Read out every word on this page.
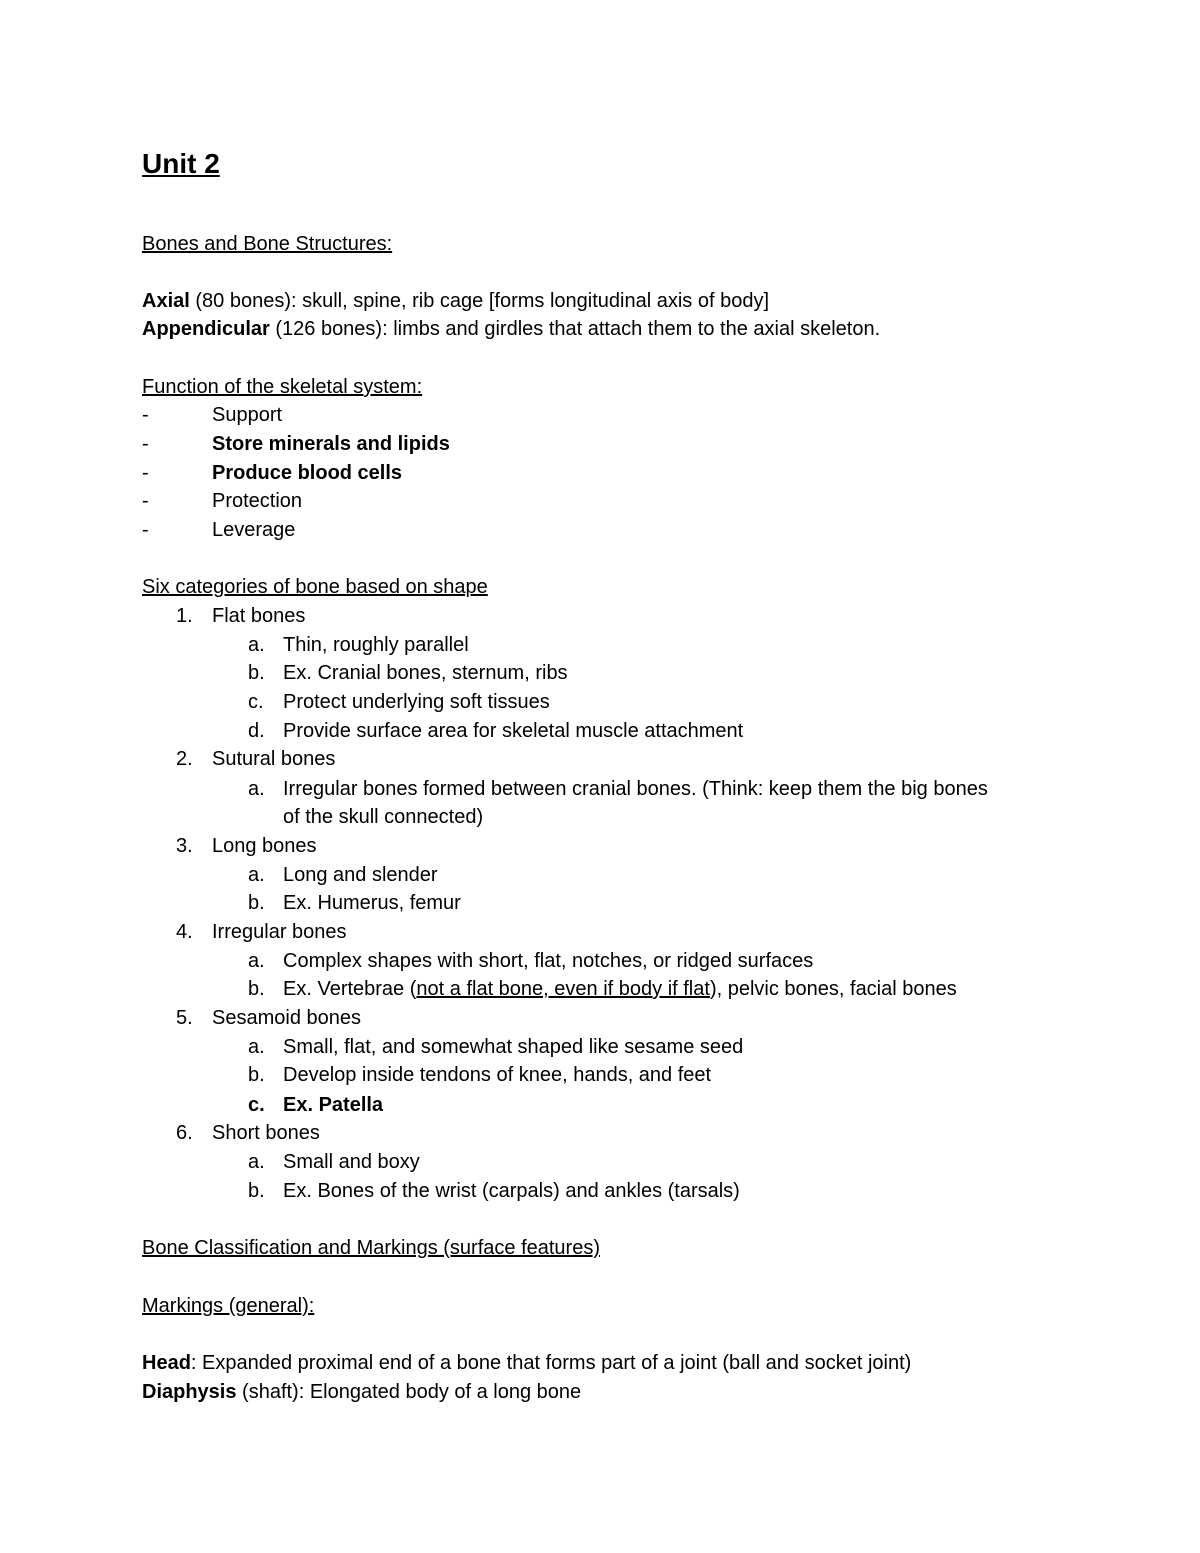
Unit 2
Bones and Bone Structures:
Axial (80 bones): skull, spine, rib cage [forms longitudinal axis of body]
Appendicular (126 bones): limbs and girdles that attach them to the axial skeleton.
Function of the skeletal system:
-	Support
-	Store minerals and lipids
-	Produce blood cells
-	Protection
-	Leverage
Six categories of bone based on shape
1. Flat bones
a. Thin, roughly parallel
b. Ex. Cranial bones, sternum, ribs
c. Protect underlying soft tissues
d. Provide surface area for skeletal muscle attachment
2. Sutural bones
a. Irregular bones formed between cranial bones. (Think: keep them the big bones
of the skull connected)
3. Long bones
a. Long and slender
b. Ex. Humerus, femur
4. Irregular bones
a. Complex shapes with short, flat, notches, or ridged surfaces
b. Ex. Vertebrae (not a flat bone, even if body if flat), pelvic bones, facial bones
5. Sesamoid bones
a. Small, flat, and somewhat shaped like sesame seed
b. Develop inside tendons of knee, hands, and feet
c. Ex. Patella
6. Short bones
a. Small and boxy
b. Ex. Bones of the wrist (carpals) and ankles (tarsals)
Bone Classification and Markings (surface features)
Markings (general):
Head: Expanded proximal end of a bone that forms part of a joint (ball and socket joint)
Diaphysis (shaft): Elongated body of a long bone
